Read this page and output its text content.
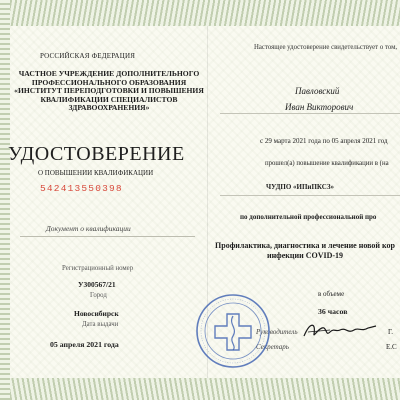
РОССИЙСКАЯ ФЕДЕРАЦИЯ
ЧАСТНОЕ УЧРЕЖДЕНИЕ ДОПОЛНИТЕЛЬНОГО ПРОФЕССИОНАЛЬНОГО ОБРАЗОВАНИЯ «ИНСТИТУТ ПЕРЕПОДГОТОВКИ И ПОВЫШЕНИЯ КВАЛИФИКАЦИИ СПЕЦИАЛИСТОВ ЗДРАВООХРАНЕНИЯ»
УДОСТОВЕРЕНИЕ
О ПОВЫШЕНИИ КВАЛИФИКАЦИИ
542413550398
Документ о квалификации
Регистрационный номер
У300567/21
Город
Новосибирск
Дата выдачи
05 апреля 2021 года
Настоящее удостоверение свидетельствует о том,
Павловский
Иван Викторович
с 29 марта 2021 года по 05 апреля 2021 год
прошел(а) повышение квалификации в (на
ЧУДПО «ИПиПКСЗ»
по дополнительной профессиональной про
Профилактика, диагностика и лечение новой кор инфекции COVID-19
в объеме
36 часов
Руководитель	Г.
Секретарь	Е.С
